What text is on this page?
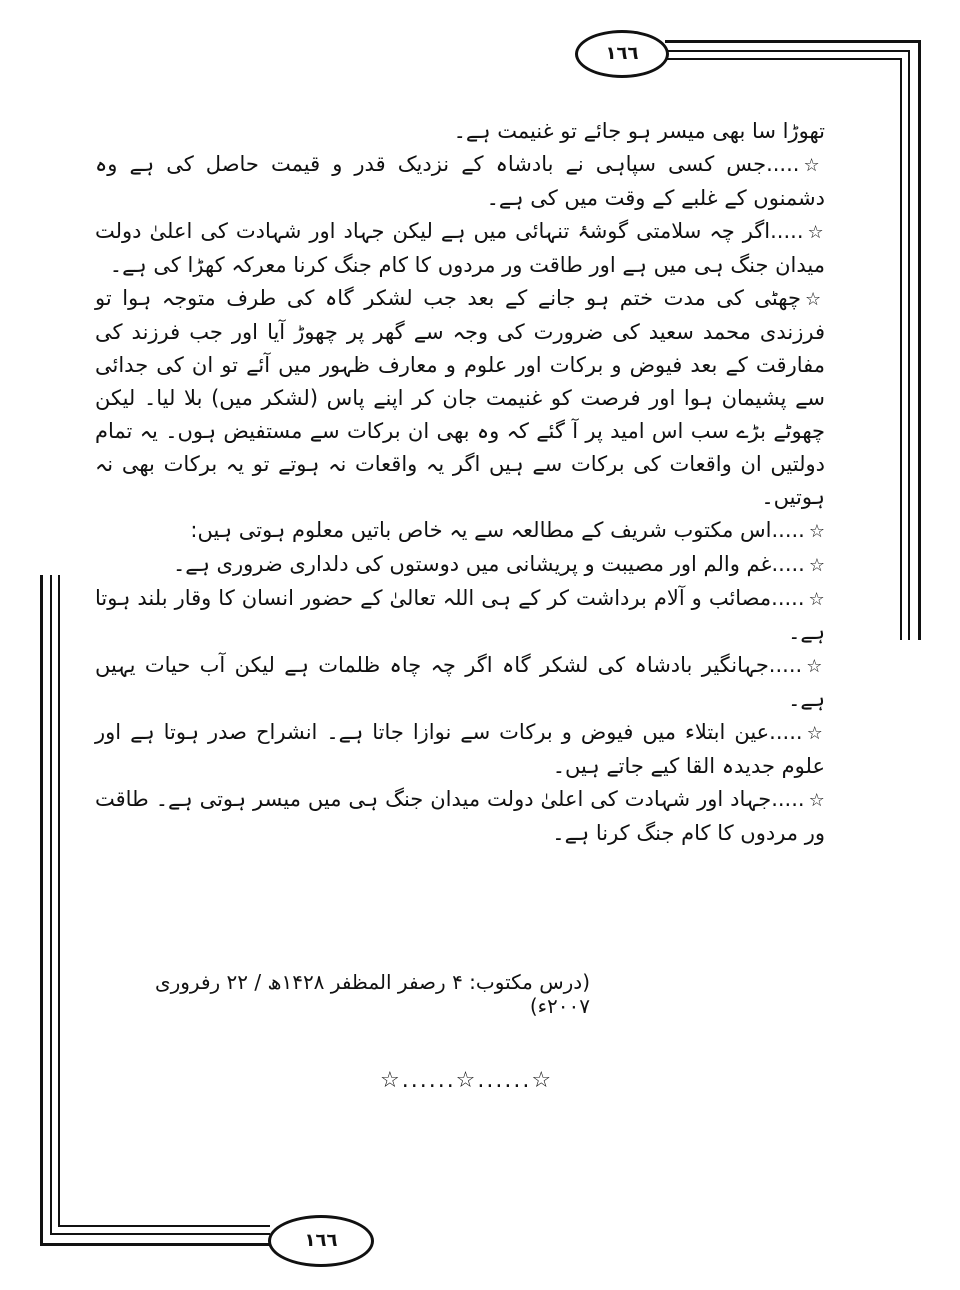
١٦٦
١٦٦

تھوڑا سا بھی میسر ہو جائے تو غنیمت ہے۔

☆.....جس کسی سپاہی نے بادشاہ کے نزدیک قدر و قیمت حاصل کی ہے وہ دشمنوں کے غلبے کے وقت میں کی ہے۔

☆.....اگر چہ سلامتی گوشۂ تنہائی میں ہے لیکن جہاد اور شہادت کی اعلیٰ دولت میدان جنگ ہی میں ہے اور طاقت ور مردوں کا کام جنگ کرنا معرکہ کھڑا کی ہے۔

☆چھٹی کی مدت ختم ہو جانے کے بعد جب لشکر گاہ کی طرف متوجہ ہوا تو فرزندی محمد سعید کی ضرورت کی وجہ سے گھر پر چھوڑ آیا اور جب فرزند کی مفارقت کے بعد فیوض و برکات اور علوم و معارف ظہور میں آئے تو ان کی جدائی سے پشیمان ہوا اور فرصت کو غنیمت جان کر اپنے پاس (لشکر میں) بلا لیا۔ لیکن چھوٹے بڑے سب اس امید پر آ گئے کہ وہ بھی ان برکات سے مستفیض ہوں۔ یہ تمام دولتیں ان واقعات کی برکات سے ہیں اگر یہ واقعات نہ ہوتے تو یہ برکات بھی نہ ہوتیں۔

☆.....اس مکتوب شریف کے مطالعہ سے یہ خاص باتیں معلوم ہوتی ہیں:

☆.....غم والم اور مصیبت و پریشانی میں دوستوں کی دلداری ضروری ہے۔

☆.....مصائب و آلام برداشت کر کے ہی اللہ تعالیٰ کے حضور انسان کا وقار بلند ہوتا ہے۔

☆.....جہانگیر بادشاہ کی لشکر گاہ اگر چہ چاہ ظلمات ہے لیکن آب حیات یہیں ہے۔

☆.....عین ابتلاء میں فیوض و برکات سے نوازا جاتا ہے۔ انشراح صدر ہوتا ہے اور علوم جدیدہ القا کیے جاتے ہیں۔

☆.....جہاد اور شہادت کی اعلیٰ دولت میدان جنگ ہی میں میسر ہوتی ہے۔ طاقت ور مردوں کا کام جنگ کرنا ہے۔

(درس مکتوب: ۴ رصفر المظفر ۱۴۲۸ھ / ۲۲ رفروری ۲۰۰۷ء)
☆......☆......☆
